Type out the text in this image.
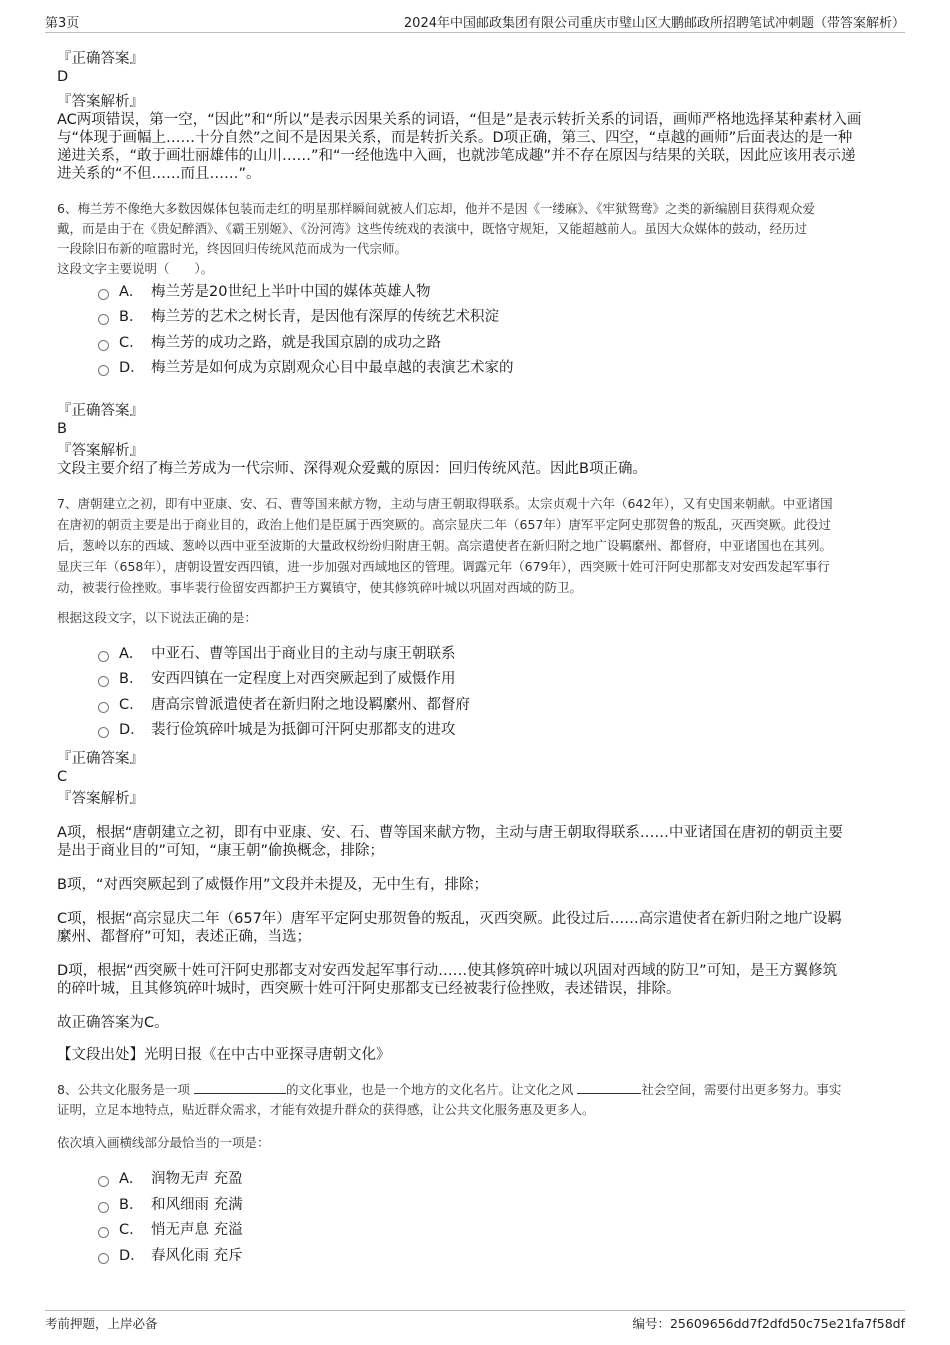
第3页	2024年中国邮政集团有限公司重庆市璧山区大鹏邮政所招聘笔试冲刺题（带答案解析）
『正确答案』
D
『答案解析』
AC两项错误，第一空，“因此”和“所以”是表示因果关系的词语，“但是”是表示转折关系的词语，画师严格地选择某种素材入画
与“体现于画幅上……十分自然”之间不是因果关系，而是转折关系。D项正确，第三、四空，“卓越的画师”后面表达的是一种
递进关系，“敢于画壮丽雄伟的山川……”和“一经他选中入画，也就涉笔成趣”并不存在原因与结果的关联，因此应该用表示递
进关系的“不但……而且……”。
6、梅兰芳不像绝大多数因媒体包装而走红的明星那样瞬间就被人们忘却，他并不是因《一缕麻》、《牢狱鸳鸯》之类的新编剧目获得观众爱
戴，而是由于在《贵妃醉酒》、《霸王别姬》、《汾河湾》这些传统戏的表演中，既恪守规矩，又能超越前人。虽因大众媒体的鼓动，经历过
一段除旧布新的喧嚣时光，终因回归传统风范而成为一代宗师。
这段文字主要说明（　　）。
A． 梅兰芳是20世纪上半叶中国的媒体英雄人物
B． 梅兰芳的艺术之树长青，是因他有深厚的传统艺术积淀
C． 梅兰芳的成功之路，就是我国京剧的成功之路
D． 梅兰芳是如何成为京剧观众心目中最卓越的表演艺术家的
『正确答案』
B
『答案解析』
文段主要介绍了梅兰芳成为一代宗师、深得观众爱戴的原因：回归传统风范。因此B项正确。
7、唐朝建立之初，即有中亚康、安、石、曹等国来献方物，主动与唐王朝取得联系。太宗贞观十六年（642年），又有史国来朝献。中亚诸国
在唐初的朝贡主要是出于商业目的，政治上他们是臣属于西突厥的。高宗显庆二年（657年）唐军平定阿史那贺鲁的叛乱，灭西突厥。此役过
后，葱岭以东的西域、葱岭以西中亚至波斯的大量政权纷纷归附唐王朝。高宗遣使者在新归附之地广设羁縻州、都督府，中亚诸国也在其列。
显庆三年（658年），唐朝设置安西四镇，进一步加强对西域地区的管理。调露元年（679年），西突厥十姓可汗阿史那都支对安西发起军事行
动，被裴行俭挫败。事毕裴行俭留安西都护王方翼镇守，使其修筑碎叶城以巩固对西域的防卫。
根据这段文字，以下说法正确的是：
A． 中亚石、曹等国出于商业目的主动与康王朝联系
B． 安西四镇在一定程度上对西突厥起到了威慑作用
C． 唐高宗曾派遣使者在新归附之地设羁縻州、都督府
D． 裴行俭筑碎叶城是为抵御可汗阿史那都支的进攻
『正确答案』
C
『答案解析』
A项，根据“唐朝建立之初，即有中亚康、安、石、曹等国来献方物，主动与唐王朝取得联系……中亚诸国在唐初的朝贡主要
是出于商业目的”可知，“康王朝”偷换概念，排除；
B项，“对西突厥起到了威慑作用”文段并未提及，无中生有，排除；
C项，根据“高宗显庆二年（657年）唐军平定阿史那贺鲁的叛乱，灭西突厥。此役过后……高宗遣使者在新归附之地广设羁
縻州、都督府”可知，表述正确，当选；
D项，根据“西突厥十姓可汗阿史那都支对安西发起军事行动……使其修筑碎叶城以巩固对西域的防卫”可知，是王方翼修筑
的碎叶城，且其修筑碎叶城时，西突厥十姓可汗阿史那都支已经被裴行俭挫败，表述错误，排除。
故正确答案为C。
【文段出处】光明日报《在中古中亚探寻唐朝文化》
8、公共文化服务是一项	的文化事业，也是一个地方的文化名片。让文化之风	社会空间，需要付出更多努力。事实
证明，立足本地特点，贴近群众需求，才能有效提升群众的获得感，让公共文化服务惠及更多人。
依次填入画横线部分最恰当的一项是：
A． 润物无声 充盈
B． 和风细雨 充满
C． 悄无声息 充溢
D． 春风化雨 充斥
考前押题，上岸必备	编号：25609656dd7f2dfd50c75e21fa7f58df
